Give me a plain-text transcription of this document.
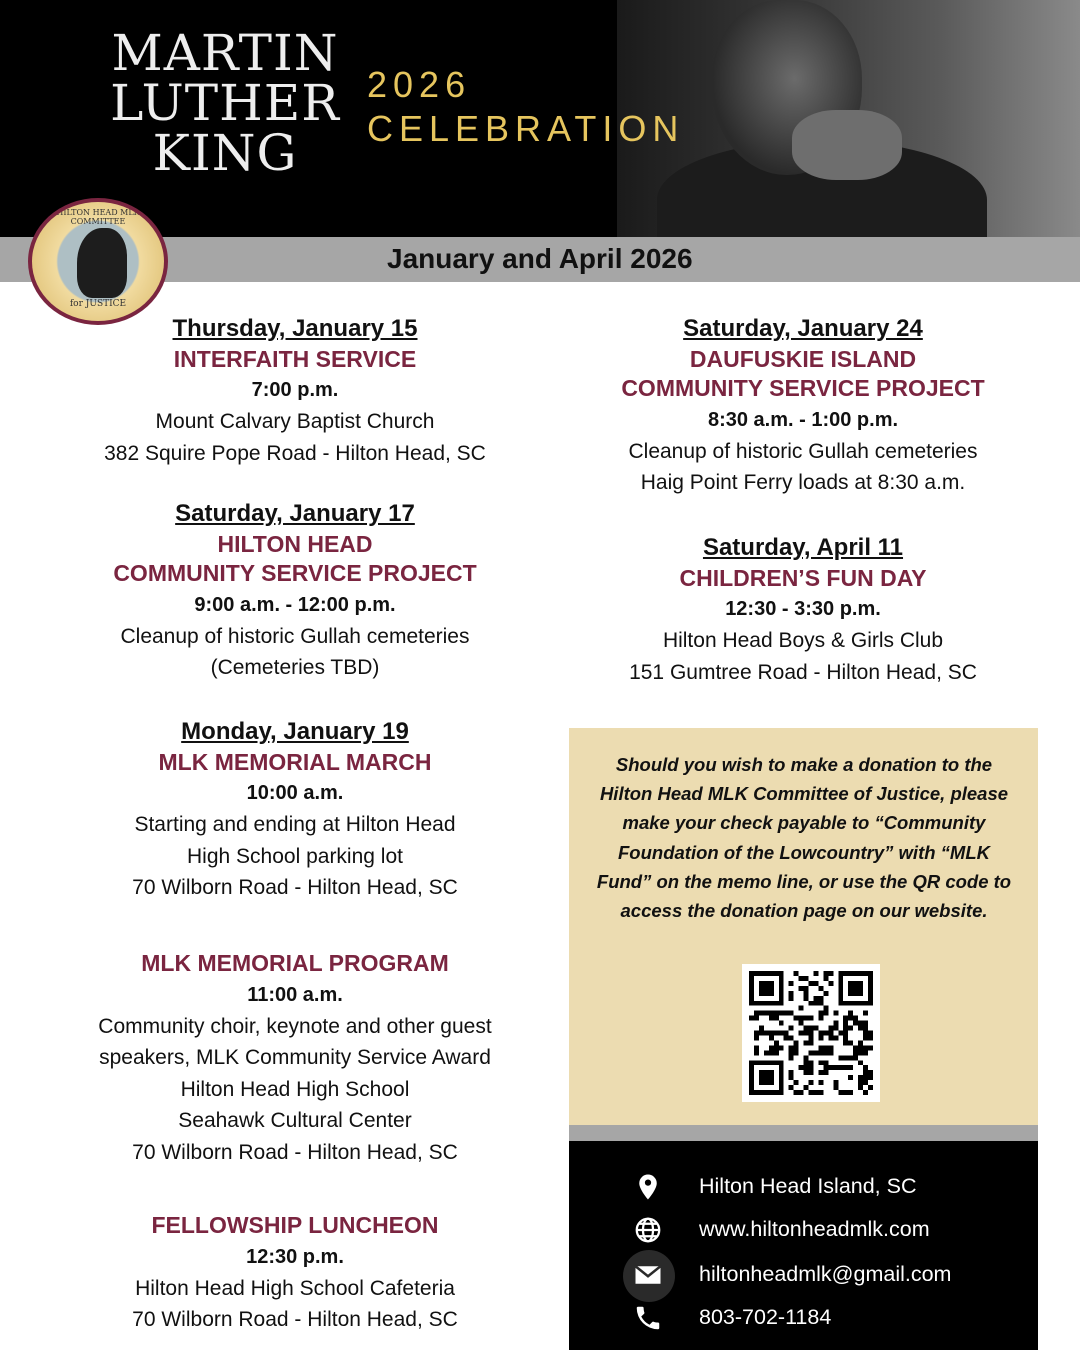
MARTIN
LUTHER
KING
2026
CELEBRATION
January and April 2026
HILTON HEAD MLK COMMITTEE
for JUSTICE
Thursday, January 15
INTERFAITH SERVICE
7:00 p.m.
Mount Calvary Baptist Church
382 Squire Pope Road - Hilton Head, SC
Saturday, January 17
HILTON HEAD
COMMUNITY SERVICE PROJECT
9:00 a.m. - 12:00 p.m.
Cleanup of historic Gullah cemeteries
(Cemeteries TBD)
Monday, January 19
MLK MEMORIAL MARCH
10:00 a.m.
Starting and ending at Hilton Head
High School parking lot
70 Wilborn Road - Hilton Head, SC
MLK MEMORIAL PROGRAM
11:00 a.m.
Community choir, keynote and other guest
speakers, MLK Community Service Award
Hilton Head High School
Seahawk Cultural Center
70 Wilborn Road - Hilton Head, SC
FELLOWSHIP LUNCHEON
12:30 p.m.
Hilton Head High School Cafeteria
70 Wilborn Road - Hilton Head, SC
Saturday, January 24
DAUFUSKIE ISLAND
COMMUNITY SERVICE PROJECT
8:30 a.m. - 1:00 p.m.
Cleanup of historic Gullah cemeteries
Haig Point Ferry loads at 8:30 a.m.
Saturday, April 11
CHILDREN’S FUN DAY
12:30 - 3:30 p.m.
Hilton Head Boys & Girls Club
151 Gumtree Road - Hilton Head, SC

Should you wish to make a donation to the Hilton Head MLK Committee of Justice, please make your check payable to “Community Foundation of the Lowcountry” with “MLK Fund” on the memo line, or use the QR code to access the donation page on our website.

Hilton Head Island, SC
www.hiltonheadmlk.com
hiltonheadmlk@gmail.com
803-702-1184
